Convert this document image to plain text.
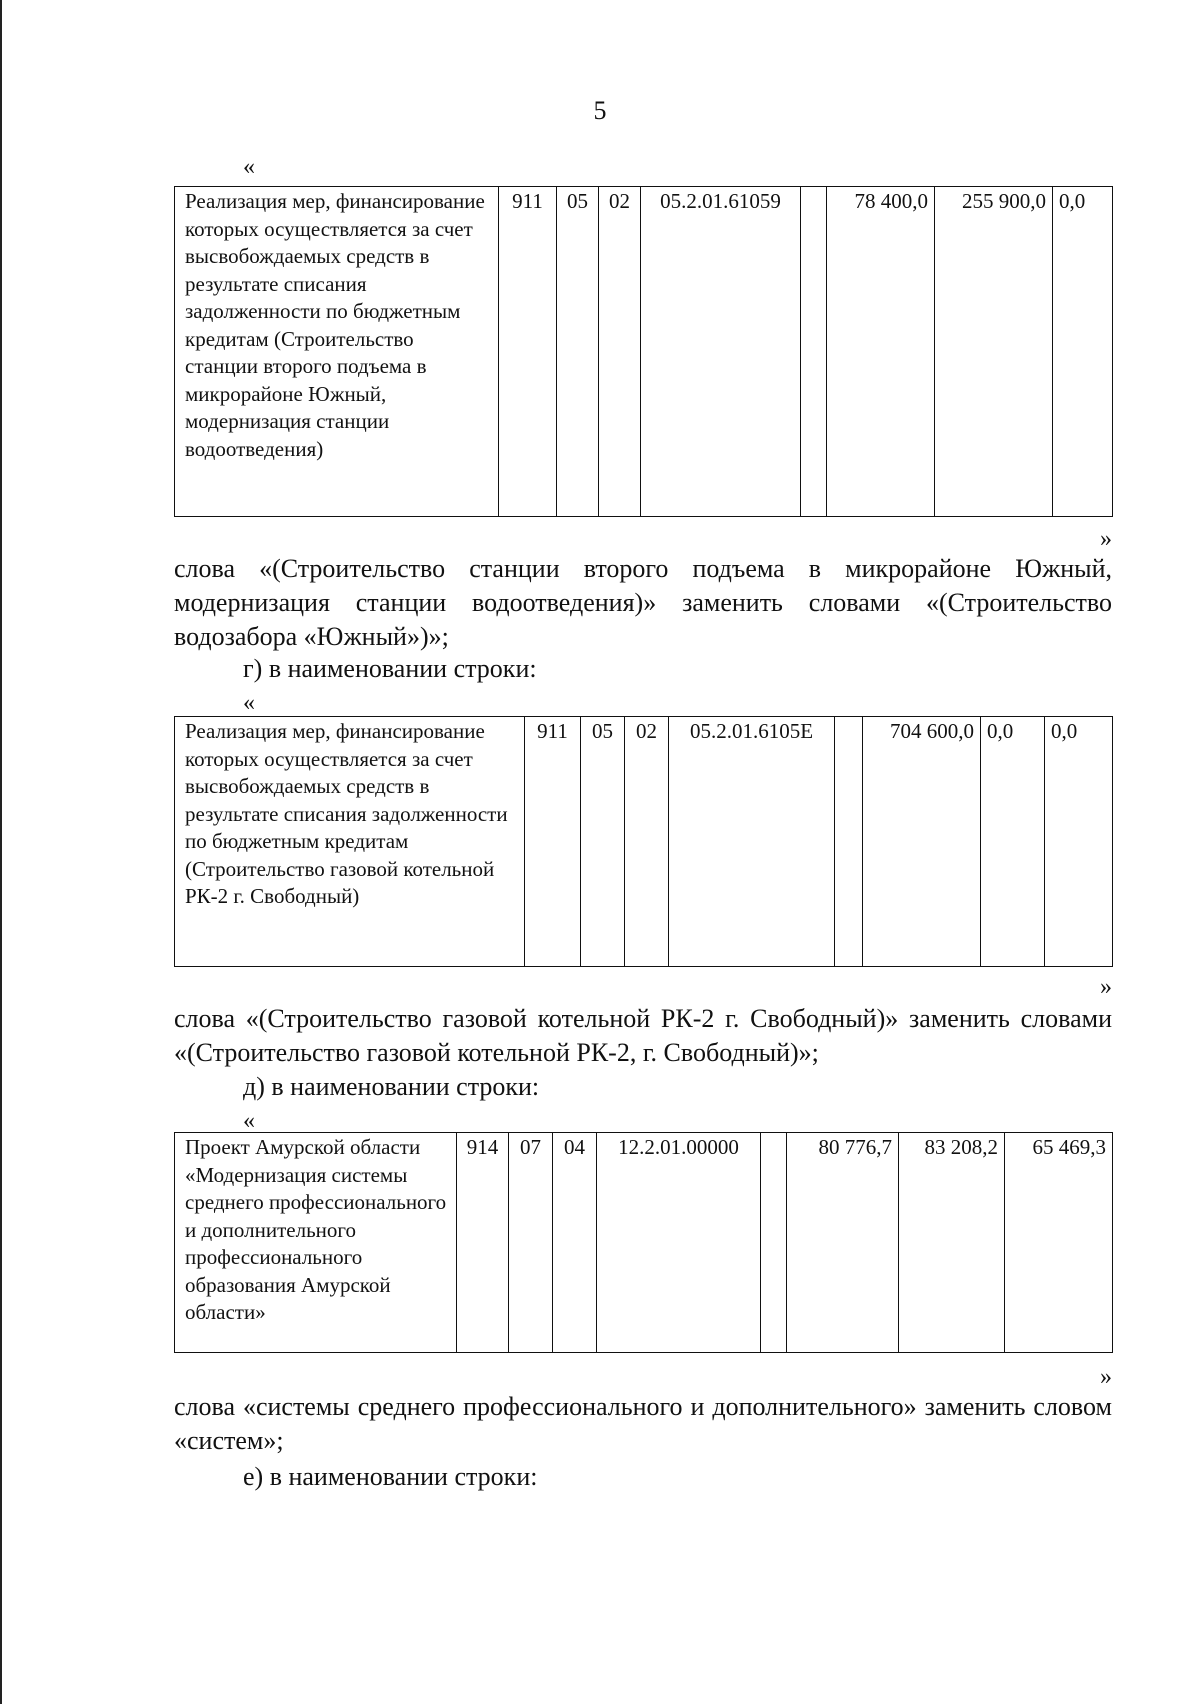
5
«
Реализация мер, финансирование которых осуществляется за счет высвобождаемых средств в результате списания задолженности по бюджетным кредитам (Строительство станции второго подъема в микрорайоне Южный, модернизация станции водоотведения)	911	05	02	05.2.01.61059		78 400,0	255 900,0	0,0
»

слова «(Строительство станции второго подъема в микрорайоне Южный, модернизация станции водоотведения)» заменить словами «(Строительство водозабора «Южный»)»;

г) в наименовании строки:

«
Реализация мер, финансирование которых осуществляется за счет высвобождаемых средств в результате списания задолженности по бюджетным кредитам (Строительство газовой котельной РК-2 г. Свободный)	911	05	02	05.2.01.6105Е		704 600,0	0,0	0,0
»

слова «(Строительство газовой котельной РК-2 г. Свободный)» заменить словами «(Строительство газовой котельной РК-2, г. Свободный)»;

д) в наименовании строки:

«
Проект Амурской области «Модернизация системы среднего профессионального и дополнительного профессионального образования Амурской области»	914	07	04	12.2.01.00000		80 776,7	83 208,2	65 469,3
»

слова «системы среднего профессионального и дополнительного» заменить словом «систем»;

е) в наименовании строки:
